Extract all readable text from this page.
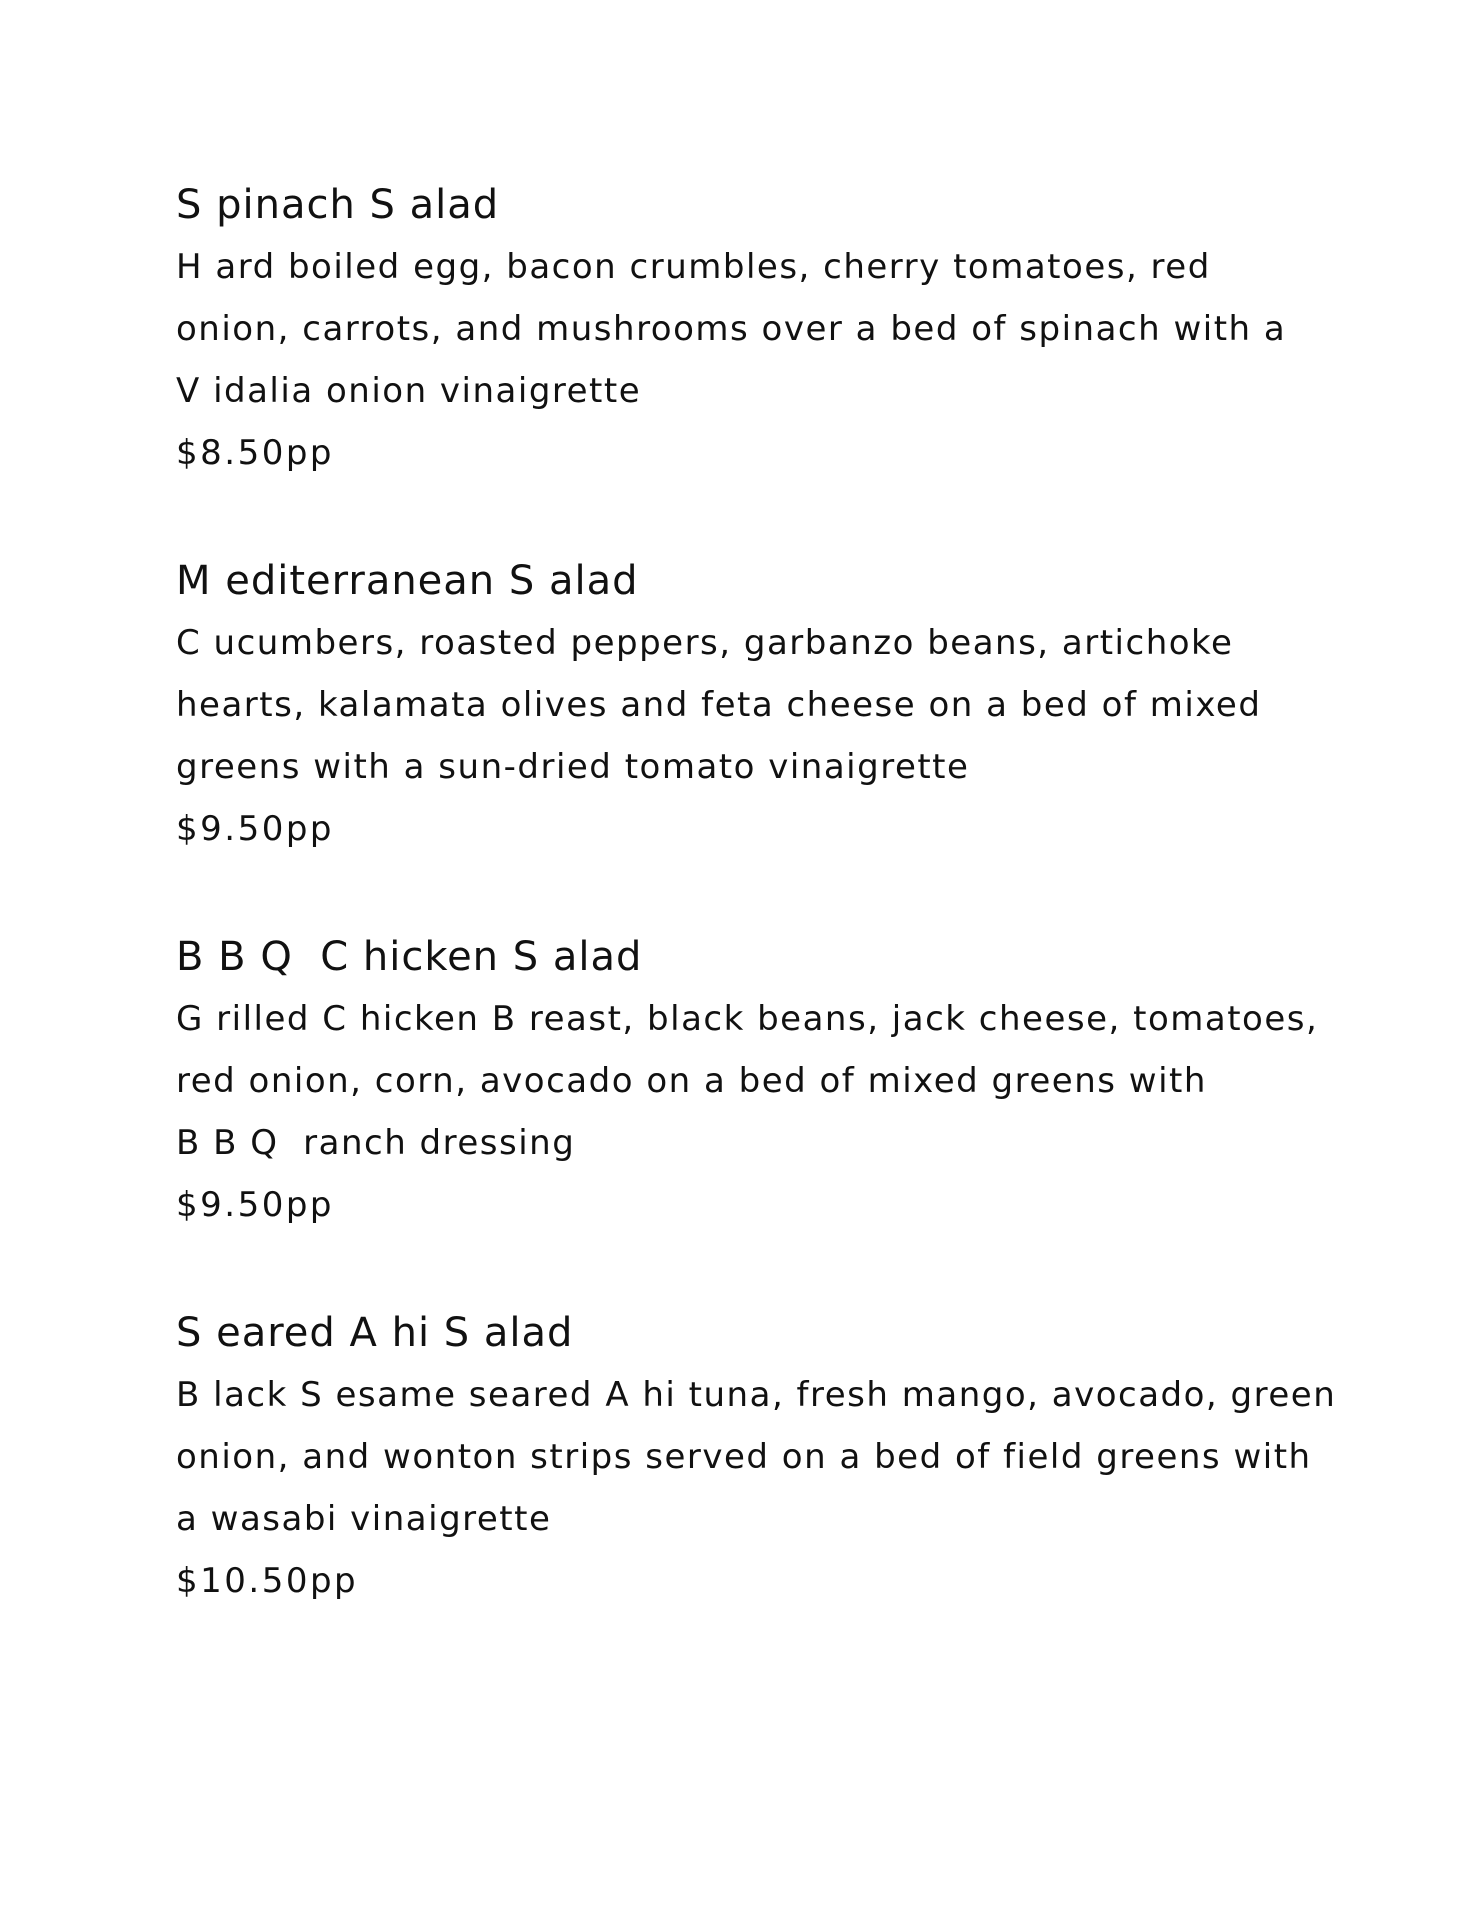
S pinach S alad

H ard boiled egg, bacon crumbles, cherry tomatoes, red

onion, carrots, and mushrooms over a bed of spinach with a

V idalia onion vinaigrette

$8.50pp

M editerranean S alad

C ucumbers, roasted peppers, garbanzo beans, artichoke

hearts, kalamata olives and feta cheese on a bed of mixed

greens with a sun-dried tomato vinaigrette

$9.50pp

B B Q  C hicken S alad

G rilled C hicken B reast, black beans, jack cheese, tomatoes,

red onion, corn, avocado on a bed of mixed greens with

B B Q  ranch dressing

$9.50pp

S eared A hi S alad

B lack S esame seared A hi tuna, fresh mango, avocado, green

onion, and wonton strips served on a bed of field greens with

a wasabi vinaigrette

$10.50pp
